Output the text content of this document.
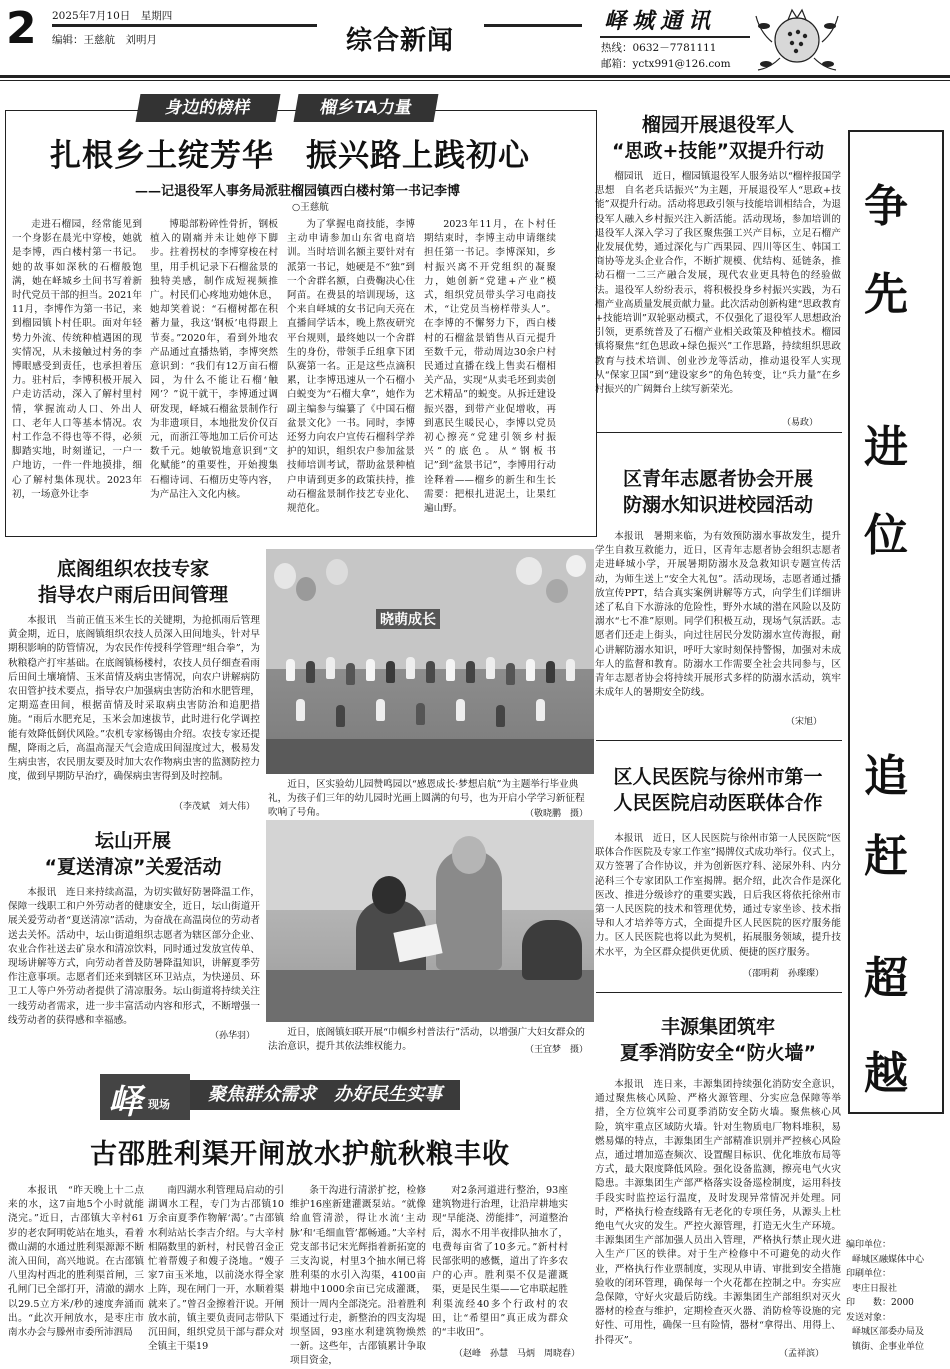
2 2025年7月10日　 星期四
编辑：王慈航　刘明月	综合新闻
峄城通讯
热线：0632－7781111
邮箱：yctx991@126.com
身边的榜样	榴乡TA力量
扎根乡土绽芳华　振兴路上践初心
——记退役军人事务局派驻榴园镇西白楼村第一书记李博
○王慈航
走进石榴园，经常能见到一个身影在晨光中穿梭，她就是李博，西白楼村第一书记。她的故事如深秋的石榴般饱满，她在峄城乡土间书写着新时代党员干部的担当。2021年11月，李博作为第一书记，来到榴园镇卜村任职。面对年轻势力外流、传统种植遇困的现实情况，从未接触过村务的李博眼感受到责任，也承担着压力。驻村后，李博积极开展入户走访活动，深入了解村里村情，掌握流动人口、外出人口、老年人口等基本情况。农村工作急不得也等不得，必须脚踏实地，时刻谨记，一户一户地访，一件一件地摸排，细心了解村集体现状。2023年初，一场意外让李
博聪部粉碎性骨折，钢板植入的剧痛并未让她停下脚步。拄着拐杖的李博穿梭在村里，用手机记录下石榴盆景的独特美感，制作成短视频推广。村民们心疼地劝她休息，她却笑着说：“石榴树都在积蓄力量，我这‘钢板’电得跟上节奏。”2020年，看到外地农产品通过直播热销，李博突然意识到：“我们有12万亩石榴园，为什么不能让石榴‘触网’？”说干就干，李博通过调研发现，峄城石榴盆景制作行为非遗项目，本地批发价仅百元，而浙江等地加工后价可达数千元。她敏锐地意识到“文化赋能”的重要性，开始搜集石榴诗词、石榴历史等内容，为产品注入文化内核。
为了掌握电商技能，李博主动申请参加山东省电商培训。当时培训名额主要针对有派第一书记，她硬是不“独”到一个舍群名额，白费鞠决心住阿苗。在费县的培训现场，这个来自峄城的女书记向天亮在直播间学话本，晚上熬夜研究平台规则，最终她以一个舍群生的身份，带领手丘组拿下团队赛第一名。正是这些点滴积累，让李博迅速从一个石榴小白蜕变为“石榴大拿”，她作为副主编参与编纂了《中国石榴盆景文化》一书。同时，李博还努力向农户宣传石榴科学养护的知识，组织农户参加盆景技师培训考试，帮助盆景种植户申请到更多的政策扶持，推动石榴盆景制作技艺专业化、规范化。
2023年11月，在卜村任期结束时，李博主动申请继续担任第一书记。李博深知，乡村振兴离不开党组织的凝聚力，她创新“党建+产业”模式，组织党员带头学习电商技术，“让党员当榜样带头人”。在李博的不懈努力下，西白楼村的石榴盆景销售从百元提升至数千元，带动周边30余户村民通过直播在线上售卖石榴相关产品，实现“从卖毛坯到卖创艺术精品”的蜕变。从拆迁建设振兴器，到带产业促增收，再到惠民生暖民心，李博以党员初心擦亮“党建引领乡村振兴”的底色。从“钢板书记”到“盆景书记”，李博用行动诠释着——榴乡的新生和生长需要：把根扎进泥土，让果红遍山野。
榴园开展退役军人
“思政+技能”双提升行动
榴园讯　近日，榴园镇退役军人服务站以“榴梓报国学思想　自名老兵话振兴”为主题，开展退役军人“思政+技能”双提升行动。活动将思政引领与技能培训相结合，为退役军人融入乡村振兴注入新活能。活动现场，参加培训的退役军人深入学习了我区聚焦强工兴产目标，立足石榴产业发展优势，通过深化与广西果园、四川等区生、韩国工商协等龙头企业合作，不断扩规模、优结构、延链条，推动石榴一二三产融合发展，现代农业更具特色的经验做法。退役军人纷纷表示，将积极投身乡村振兴实践，为石榴产业高质量发展贡献力量。此次活动创新构建“思政教育+技能培训”双轮驱动模式，不仅强化了退役军人思想政治引领，更系统普及了石榴产业相关政策及种植技术。榴园镇将聚焦“红色思政+绿色振兴”工作思路，持续组织思政教育与技术培训、创业沙龙等活动，推动退役军人实现从“保家卫国”到“建设家乡”的角色转变，让“兵力量”在乡村振兴的广阔舞台上续写新荣光。
（易政）
争
先
进
位
追
赶
超
越
底阁组织农技专家
指导农户雨后田间管理
本报讯　当前正值玉米生长的关键期，为抢抓雨后管理黄金期，近日，底阁镇组织农技人员深入田间地头，针对早期积影响的防管情况，为农民作传授科学管理“组合拳”，为秋粮稳产打牢基础。在底阁镇杨楼村，农技人员仔细查看雨后田间土壤墒情、玉米苗情及病虫害情况，向农户讲解病防农田管护技术要点，指导农户加强病虫害防治和水肥管理，定期巡查田间，根据苗情及时采取病虫害防治和追肥措施。“雨后水肥充足，玉米会加速拔节，此时进行化学调控能有效降低倒伏风险。”农机专家杨锡由介绍。农技专家还提醒，降雨之后，高温高湿天气会造成田间湿度过大，极易发生病虫害，农民朋友要及时加大农作物病虫害的监测防控力度，做到早期防早治疗，确保病虫害得到及时控制。
（李茂斌　刘大伟）
坛山开展
“夏送清凉”关爱活动
本报讯　连日来持续高温，为切实做好防暑降温工作，保障一线职工和户外劳动者的健康安全，近日，坛山街道开展关爱劳动者“夏送清凉”活动，为奋战在高温岗位的劳动者送去关怀。活动中，坛山街道组织志愿者为辖区部分企业、农业合作社送去矿泉水和清凉饮料，同时通过发放宣传单、现场讲解等方式，向劳动者普及防暑降温知识，讲解夏季劳作注意事项。志愿者们还来到辖区环卫站点，为快递员、环卫工人等户外劳动者提供了清凉服务。坛山街道将持续关注一线劳动者需求，进一步丰富活动内容和形式，不断增强一线劳动者的获得感和幸福感。
（孙华羽）
晓萌成长
近日，区实验幼儿园赞鸣园以“感恩成长·梦想启航”为主题举行毕业典礼，为孩子们三年的幼儿园时光画上圆满的句号，也为开启小学学习新征程吹响了号角。	（敬晓鹏　摄）
近日，底阁镇妇联开展“巾帼乡村普法行”活动，以增强广大妇女群众的法治意识，提升其依法维权能力。	（王宜梦　摄）
区青年志愿者协会开展
防溺水知识进校园活动
本报讯　暑期来临，为有效预防溺水事故发生，提升学生自救互救能力，近日，区青年志愿者协会组织志愿者走进峄城小学，开展暑期防溺水及急救知识专题宣传活动，为师生送上“安全大礼包”。活动现场，志愿者通过播放宣传PPT，结合真实案例讲解等方式，向学生们详细讲述了私自下水游泳的危险性，野外水域的潜在风险以及防溺水“七不准”原则。同学们积极互动，现场气氛活跃。志愿者们还走上街头，向过往居民分发防溺水宣传海报，耐心讲解防溺水知识，呼吁大家时刻保持警惕，加强对未成年人的监督和教育。防溺水工作需要全社会共同参与，区青年志愿者协会将持续开展形式多样的防溺水活动，筑牢未成年人的暑期安全防线。
（宋旭）
区人民医院与徐州市第一
人民医院启动医联体合作
本报讯　近日，区人民医院与徐州市第一人民医院“医联体合作医院及专家工作室”揭牌仪式成功举行。仪式上，双方签署了合作协议，并为创新医疗科、泌尿外科、内分泌科三个专家团队工作室揭牌。据介绍，此次合作是深化医改、推进分级诊疗的重要实践，日后我区将依托徐州市第一人民医院的技术和管理优势，通过专家坐诊、技术指导和人才培养等方式，全面提升区人民医院的医疗服务能力。区人民医院也将以此为契机，拓展服务领域，提升技术水平，为全区群众提供更优质、便捷的医疗服务。
（邵明莉　孙璨璨）
丰源集团筑牢
夏季消防安全“防火墙”
本报讯　连日来，丰源集团持续强化消防安全意识，通过聚焦核心风险、严格火源管理、分实应急保障等举措，全方位筑牢公司夏季消防安全防火墙。聚焦核心风险，筑牢重点区域防火墙。针对生物质电厂物料堆积，易燃易爆的特点，丰源集团生产部精准识别并严控核心风险点，通过增加巡查频次、设置醒目标识、优化堆放布局等方式，最大限度降低风险。强化设备监测，擦亮电气火灾隐患。丰源集团生产部严格落实设备巡检制度，运用科技手段实时监控运行温度，及时发现异常情况并处理。同时，严格执行检查线路有无老化的专项任务，从源头上杜绝电气火灾的发生。严控火源管理，打造无火生产环境。丰源集团生产部加强人员出入管理，严格执行禁止现火进入生产厂区的铁律。对于生产检修中不可避免的动火作业，严格执行作业票制度，实现从申请、审批到安全措施验收的闭环管理，确保每一个火花都在控制之中。夯实应急保障，守好火灾最后防线。丰源集团生产部组织对灭火器材的检查与维护，定期检查灭火器、消防检等设施的完好性、可用性，确保一旦有险情，器材“拿得出、用得上、扑得灭”。
（孟祥滨）
峄 现场	聚焦群众需求　办好民生实事
古邵胜利渠开闸放水护航秋粮丰收
本报讯　“昨天晚上十二点来的水，这7亩地5个小时就能浇完。”近日，古邵镇大辛村61岁的老农阿明乾站在地头，看着微山湖的水通过胜利渠源源不断流入田间，高兴地说。在古邵镇八里沟村西北的胜利渠首闸，三孔闸门已全部打开，清澈的湖水以29.5立方米/秒的速度奔涌而出。“此次开闸放水，是枣庄市南水办会与滕州市委所沛泗局
南四湖水利管理局启动的引湖调水工程，专门为古邵镇10万余亩夏季作物解‘渴’。”古邵镇水利站站长李吉介绍。与大辛村相隔数里的新村，村民曾召金正忙着帮嫂子和嫂子浇地。“嫂子家7亩玉米地，以前浇水得全家上阵，现在闸门一开，水顺着渠就来了。”曾召金擦着汗说。开闸放水前，镇主要负责同志带队下沉田间，组织党员干部与群众对全镇主干渠19
条干沟进行清淤扩挖，检修维护16座新建灌溉泵站。“就像给血管清淤，得让水流‘主动脉’和‘毛细血管’都畅通。”大辛村党支部书记宋光辉指着新拓宽的三支沟说，村里3个抽水闸已将胜利渠的水引入沟渠，4100亩耕地中1000余亩已完成灌溉，预计一周内全部浇完。沿着胜利渠通过行走，新整治的四支沟堤坝坚固，93座水利建筑物焕然一新。这些年，古邵镇累计争取项目资金，
对2条河道进行整治，93座建筑物进行治理，让沿岸耕地实现“旱能浇、涝能排”，河道整治后，渴水不用半夜排队抽水了，电费每亩省了10多元。”新村村民部张明的感慨，道出了许多农户的心声。胜利渠不仅是灌溉渠，更是民生渠——它串联起胜利渠流经40多个行政村的农田，让“希望田”真正成为群众的“丰收田”。
（赵峰　孙慧　马炳　周晓春）
编印单位：
峄城区融媒体中心
印刷单位：
枣庄日报社
印　　数：2000
发送对象：
峄城区部委办局及
镇街、企事业单位
